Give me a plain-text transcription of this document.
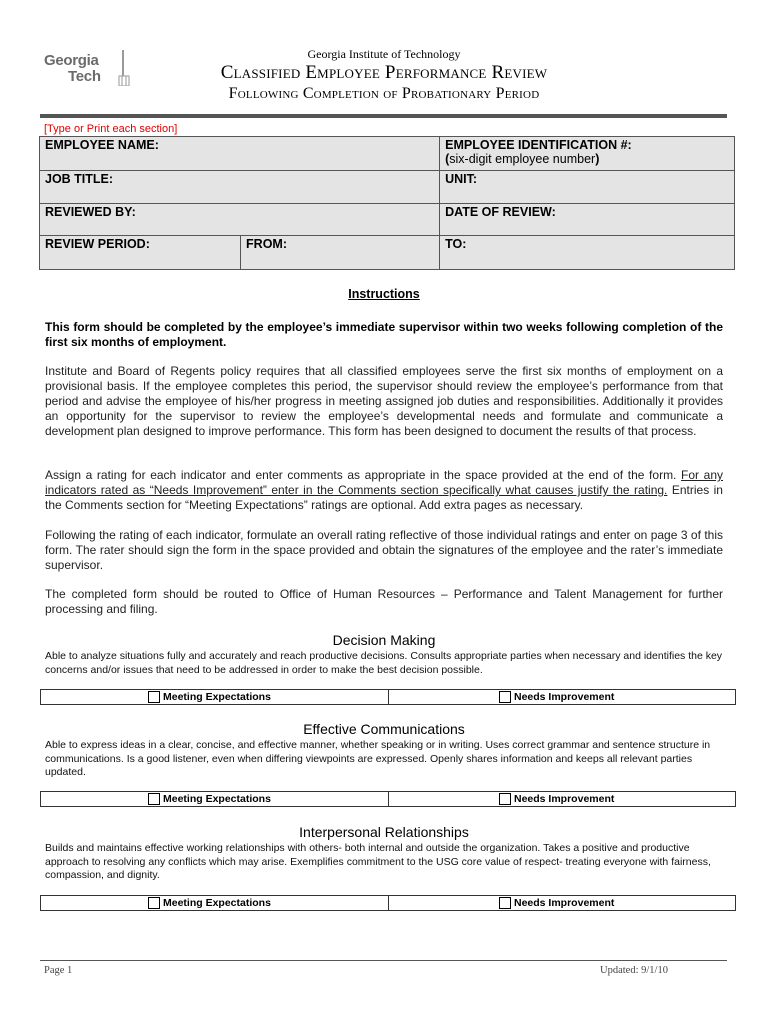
Georgia
Tech
Georgia Institute of Technology
Classified Employee Performance Review
Following Completion of Probationary Period
[Type or Print each section]
EMPLOYEE NAME:		EMPLOYEE IDENTIFICATION #:
(six-digit employee number)

JOB TITLE:		UNIT:
REVIEWED BY:		DATE OF REVIEW:
REVIEW PERIOD:	FROM:	TO:
Instructions
This form should be completed by the employee’s immediate supervisor within two weeks following completion of the first six months of employment.
Institute and Board of Regents policy requires that all classified employees serve the first six months of employment on a provisional basis. If the employee completes this period, the supervisor should review the employee’s performance from that period and advise the employee of his/her progress in meeting assigned job duties and responsibilities. Additionally it provides an opportunity for the supervisor to review the employee’s developmental needs and formulate and communicate a development plan designed to improve performance. This form has been designed to document the results of that process.
Assign a rating for each indicator and enter comments as appropriate in the space provided at the end of the form. For any indicators rated as “Needs Improvement” enter in the Comments section specifically what causes justify the rating. Entries in the Comments section for “Meeting Expectations” ratings are optional. Add extra pages as necessary.
Following the rating of each indicator, formulate an overall rating reflective of those individual ratings and enter on page 3 of this form. The rater should sign the form in the space provided and obtain the signatures of the employee and the rater’s immediate supervisor.
The completed form should be routed to Office of Human Resources – Performance and Talent Management for further processing and filing.
Decision Making
Able to analyze situations fully and accurately and reach productive decisions. Consults appropriate parties when necessary and identifies the key concerns and/or issues that need to be addressed in order to make the best decision possible.
Meeting Expectations	Needs Improvement
Effective Communications
Able to express ideas in a clear, concise, and effective manner, whether speaking or in writing. Uses correct grammar and sentence structure in communications. Is a good listener, even when differing viewpoints are expressed. Openly shares information and keeps all relevant parties updated.
Meeting Expectations	Needs Improvement
Interpersonal Relationships
Builds and maintains effective working relationships with others- both internal and outside the organization. Takes a positive and productive approach to resolving any conflicts which may arise. Exemplifies commitment to the USG core value of respect- treating everyone with fairness, compassion, and dignity.
Meeting Expectations	Needs Improvement
Page 1	Updated: 9/1/10
